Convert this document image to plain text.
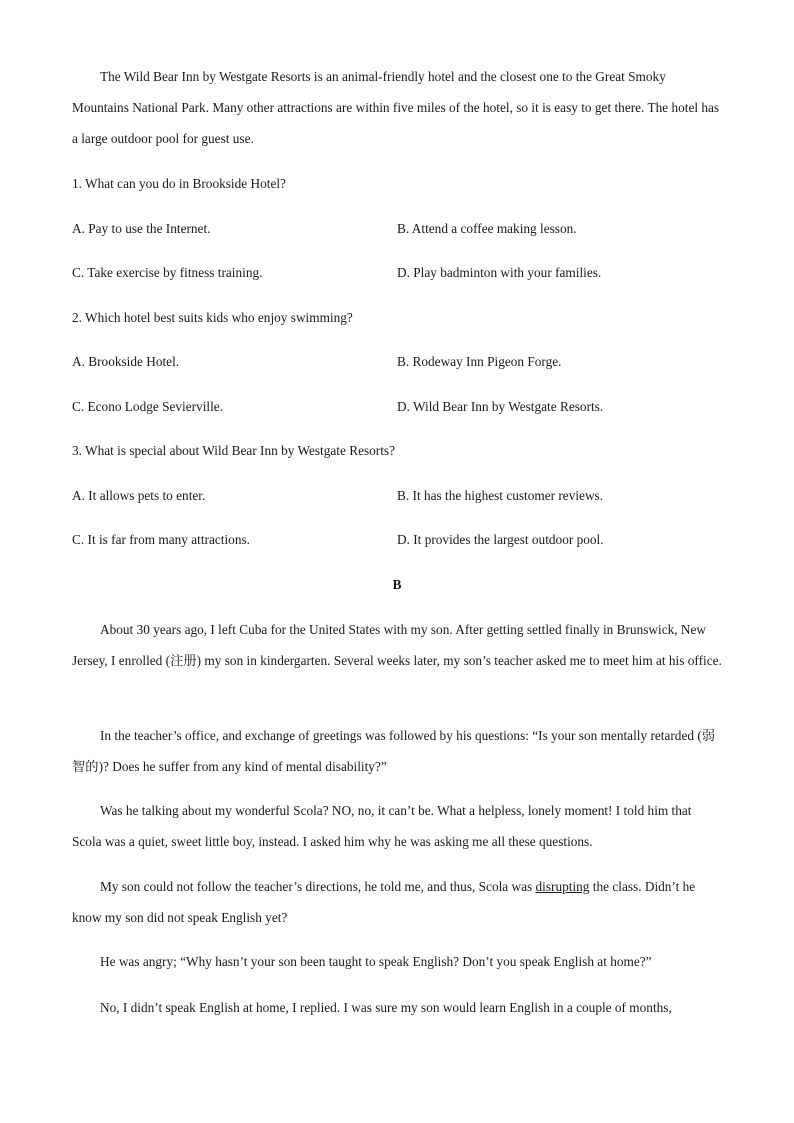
The Wild Bear Inn by Westgate Resorts is an animal-friendly hotel and the closest one to the Great Smoky Mountains National Park. Many other attractions are within five miles of the hotel, so it is easy to get there. The hotel has a large outdoor pool for guest use.

1. What can you do in Brookside Hotel?
A. Pay to use the Internet.	B. Attend a coffee making lesson.
C. Take exercise by fitness training.	D. Play badminton with your families.
2. Which hotel best suits kids who enjoy swimming?
A. Brookside Hotel.	B. Rodeway Inn Pigeon Forge.
C. Econo Lodge Sevierville.	D. Wild Bear Inn by Westgate Resorts.
3. What is special about Wild Bear Inn by Westgate Resorts?
A. It allows pets to enter.	B. It has the highest customer reviews.
C. It is far from many attractions.	D. It provides the largest outdoor pool.
B

About 30 years ago, I left Cuba for the United States with my son. After getting settled finally in Brunswick, New Jersey, I enrolled (注册) my son in kindergarten. Several weeks later, my son’s teacher asked me to meet him at his office.

In the teacher’s office, and exchange of greetings was followed by his questions: “Is your son mentally retarded (弱智的)? Does he suffer from any kind of mental disability?”

Was he talking about my wonderful Scola? NO, no, it can’t be. What a helpless, lonely moment! I told him that Scola was a quiet, sweet little boy, instead. I asked him why he was asking me all these questions.

My son could not follow the teacher’s directions, he told me, and thus, Scola was disrupting the class. Didn’t he know my son did not speak English yet?

He was angry; “Why hasn’t your son been taught to speak English? Don’t you speak English at home?”

No, I didn’t speak English at home, I replied. I was sure my son would learn English in a couple of months,
